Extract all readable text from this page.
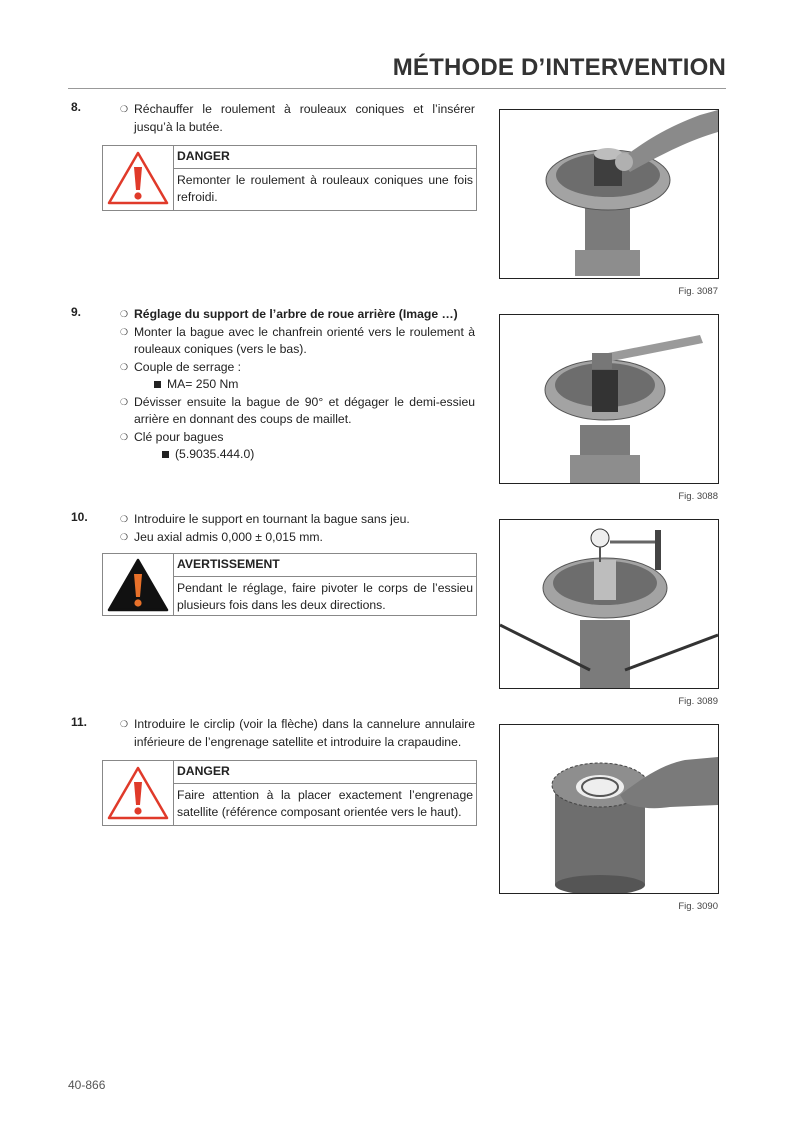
MÉTHODE D’INTERVENTION
8.	❍ Réchauffer le roulement à rouleaux coniques et l’insérer jusqu’à la butée.
DANGER
Remonter le roulement à rouleaux coniques une fois refroidi.
Fig. 3087
9.	❍ Réglage du support de l’arbre de roue arrière (Image …)
❍ Monter la bague avec le chanfrein orienté vers le roulement à rouleaux coniques (vers le bas).
❍ Couple de serrage :
MA= 250 Nm
❍ Dévisser ensuite la bague de 90° et dégager le demi-essieu arrière en donnant des coups de maillet.
❍ Clé pour bagues
(5.9035.444.0)
Fig. 3088
10.	❍ Introduire le support en tournant la bague sans jeu.
❍ Jeu axial admis 0,000 ± 0,015 mm.
AVERTISSEMENT
Pendant le réglage, faire pivoter le corps de l’essieu plusieurs fois dans les deux directions.
Fig. 3089
11.	❍ Introduire le circlip (voir la flèche) dans la cannelure annulaire inférieure de l’engrenage satellite et introduire la crapaudine.
DANGER
Faire attention à la placer exactement l’engrenage satellite (référence composant orientée vers le haut).
Fig. 3090
40-866
